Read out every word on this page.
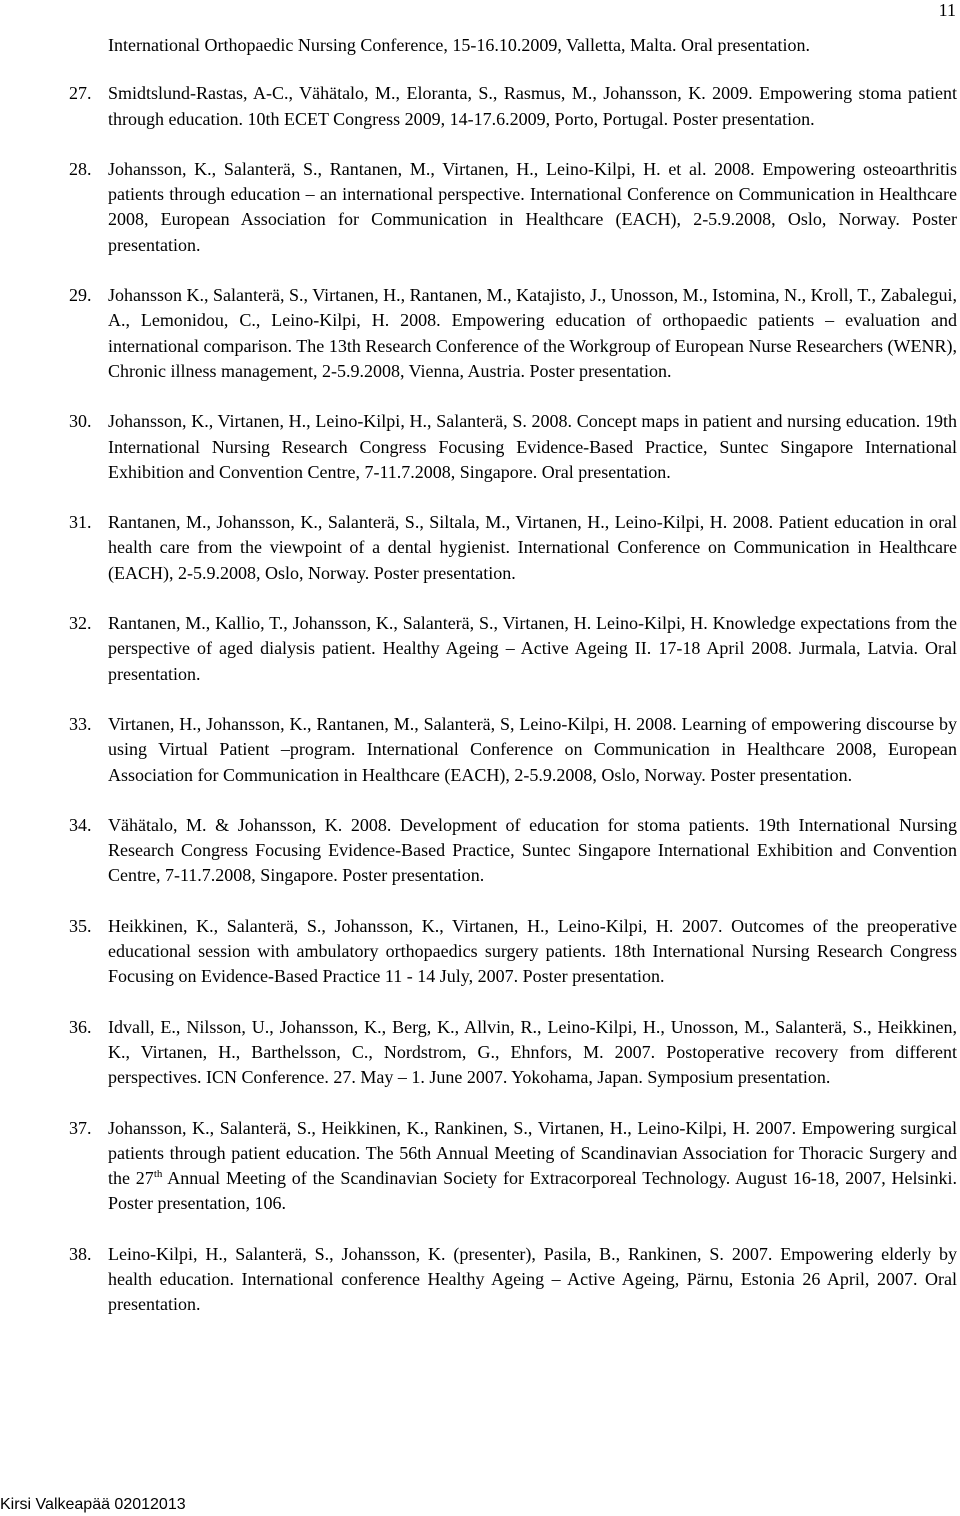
11
International Orthopaedic Nursing Conference, 15-16.10.2009, Valletta, Malta. Oral presentation.
27. Smidtslund-Rastas, A-C., Vähätalo, M., Eloranta, S., Rasmus, M., Johansson, K. 2009. Empowering stoma patient through education. 10th ECET Congress 2009, 14-17.6.2009, Porto, Portugal. Poster presentation.
28. Johansson, K., Salanterä, S., Rantanen, M., Virtanen, H., Leino-Kilpi, H. et al. 2008. Empowering osteoarthritis patients through education – an international perspective. International Conference on Communication in Healthcare 2008, European Association for Communication in Healthcare (EACH), 2-5.9.2008, Oslo, Norway. Poster presentation.
29. Johansson K., Salanterä, S., Virtanen, H., Rantanen, M., Katajisto, J., Unosson, M., Istomina, N., Kroll, T., Zabalegui, A., Lemonidou, C., Leino-Kilpi, H. 2008. Empowering education of orthopaedic patients – evaluation and international comparison. The 13th Research Conference of the Workgroup of European Nurse Researchers (WENR), Chronic illness management, 2-5.9.2008, Vienna, Austria. Poster presentation.
30. Johansson, K., Virtanen, H., Leino-Kilpi, H., Salanterä, S. 2008. Concept maps in patient and nursing education. 19th International Nursing Research Congress Focusing Evidence-Based Practice, Suntec Singapore International Exhibition and Convention Centre, 7-11.7.2008, Singapore. Oral presentation.
31. Rantanen, M., Johansson, K., Salanterä, S., Siltala, M., Virtanen, H., Leino-Kilpi, H. 2008. Patient education in oral health care from the viewpoint of a dental hygienist. International Conference on Communication in Healthcare (EACH), 2-5.9.2008, Oslo, Norway. Poster presentation.
32. Rantanen, M., Kallio, T., Johansson, K., Salanterä, S., Virtanen, H. Leino-Kilpi, H. Knowledge expectations from the perspective of aged dialysis patient. Healthy Ageing – Active Ageing II. 17-18 April 2008. Jurmala, Latvia. Oral presentation.
33. Virtanen, H., Johansson, K., Rantanen, M., Salanterä, S, Leino-Kilpi, H. 2008. Learning of empowering discourse by using Virtual Patient –program. International Conference on Communication in Healthcare 2008, European Association for Communication in Healthcare (EACH), 2-5.9.2008, Oslo, Norway. Poster presentation.
34. Vähätalo, M. & Johansson, K. 2008. Development of education for stoma patients. 19th International Nursing Research Congress Focusing Evidence-Based Practice, Suntec Singapore International Exhibition and Convention Centre, 7-11.7.2008, Singapore. Poster presentation.
35. Heikkinen, K., Salanterä, S., Johansson, K., Virtanen, H., Leino-Kilpi, H. 2007. Outcomes of the preoperative educational session with ambulatory orthopaedics surgery patients. 18th International Nursing Research Congress Focusing on Evidence-Based Practice 11 - 14 July, 2007. Poster presentation.
36. Idvall, E., Nilsson, U., Johansson, K., Berg, K., Allvin, R., Leino-Kilpi, H., Unosson, M., Salanterä, S., Heikkinen, K., Virtanen, H., Barthelsson, C., Nordstrom, G., Ehnfors, M. 2007. Postoperative recovery from different perspectives. ICN Conference. 27. May – 1. June 2007. Yokohama, Japan. Symposium presentation.
37. Johansson, K., Salanterä, S., Heikkinen, K., Rankinen, S., Virtanen, H., Leino-Kilpi, H. 2007. Empowering surgical patients through patient education. The 56th Annual Meeting of Scandinavian Association for Thoracic Surgery and the 27th Annual Meeting of the Scandinavian Society for Extracorporeal Technology. August 16-18, 2007, Helsinki. Poster presentation, 106.
38. Leino-Kilpi, H., Salanterä, S., Johansson, K. (presenter), Pasila, B., Rankinen, S. 2007. Empowering elderly by health education. International conference Healthy Ageing – Active Ageing, Pärnu, Estonia 26 April, 2007. Oral presentation.
Kirsi Valkeapää 02012013
